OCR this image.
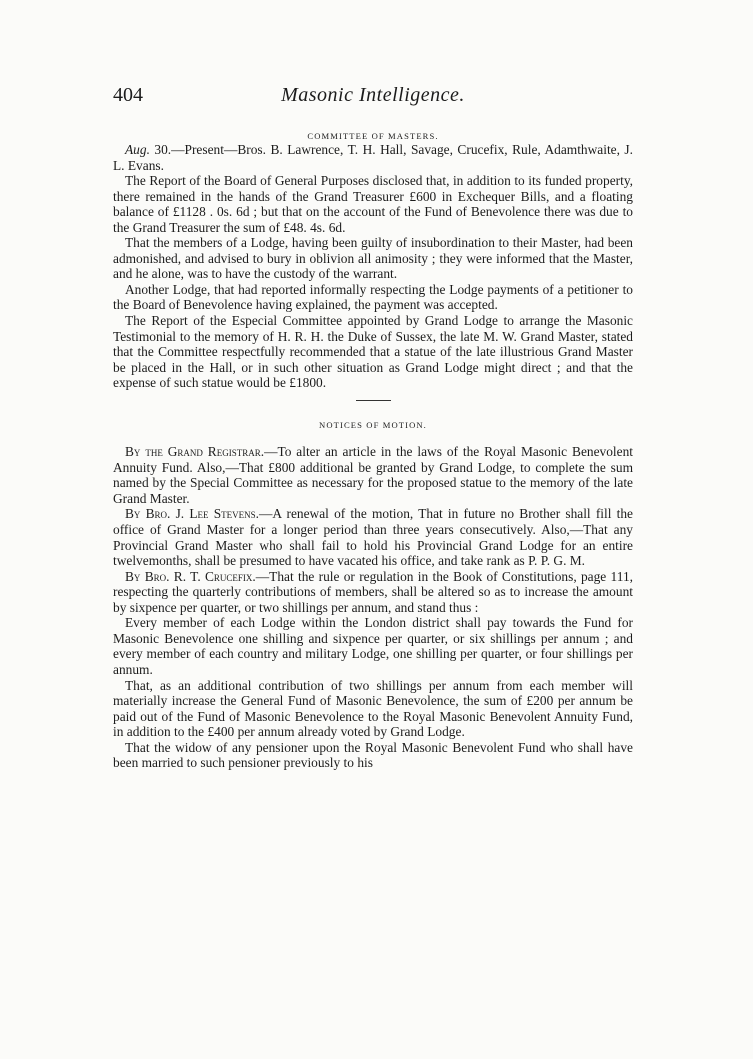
404	Masonic Intelligence.
COMMITTEE OF MASTERS.

Aug. 30.—Present—Bros. B. Lawrence, T. H. Hall, Savage, Crucefix, Rule, Adamthwaite, J. L. Evans.

The Report of the Board of General Purposes disclosed that, in addition to its funded property, there remained in the hands of the Grand Treasurer £600 in Exchequer Bills, and a floating balance of £1128 . 0s. 6d ; but that on the account of the Fund of Benevolence there was due to the Grand Treasurer the sum of £48. 4s. 6d.

That the members of a Lodge, having been guilty of insubordination to their Master, had been admonished, and advised to bury in oblivion all animosity ; they were informed that the Master, and he alone, was to have the custody of the warrant.

Another Lodge, that had reported informally respecting the Lodge payments of a petitioner to the Board of Benevolence having explained, the payment was accepted.

The Report of the Especial Committee appointed by Grand Lodge to arrange the Masonic Testimonial to the memory of H. R. H. the Duke of Sussex, the late M. W. Grand Master, stated that the Committee respectfully recommended that a statue of the late illustrious Grand Master be placed in the Hall, or in such other situation as Grand Lodge might direct ; and that the expense of such statue would be £1800.

NOTICES OF MOTION.

By the Grand Registrar.—To alter an article in the laws of the Royal Masonic Benevolent Annuity Fund. Also,—That £800 additional be granted by Grand Lodge, to complete the sum named by the Special Committee as necessary for the proposed statue to the memory of the late Grand Master.

By Bro. J. Lee Stevens.—A renewal of the motion, That in future no Brother shall fill the office of Grand Master for a longer period than three years consecutively. Also,—That any Provincial Grand Master who shall fail to hold his Provincial Grand Lodge for an entire twelvemonths, shall be presumed to have vacated his office, and take rank as P. P. G. M.

By Bro. R. T. Crucefix.—That the rule or regulation in the Book of Constitutions, page 111, respecting the quarterly contributions of members, shall be altered so as to increase the amount by sixpence per quarter, or two shillings per annum, and stand thus :

Every member of each Lodge within the London district shall pay towards the Fund for Masonic Benevolence one shilling and sixpence per quarter, or six shillings per annum ; and every member of each country and military Lodge, one shilling per quarter, or four shillings per annum.

That, as an additional contribution of two shillings per annum from each member will materially increase the General Fund of Masonic Benevolence, the sum of £200 per annum be paid out of the Fund of Masonic Benevolence to the Royal Masonic Benevolent Annuity Fund, in addition to the £400 per annum already voted by Grand Lodge.

That the widow of any pensioner upon the Royal Masonic Benevolent Fund who shall have been married to such pensioner previously to his
